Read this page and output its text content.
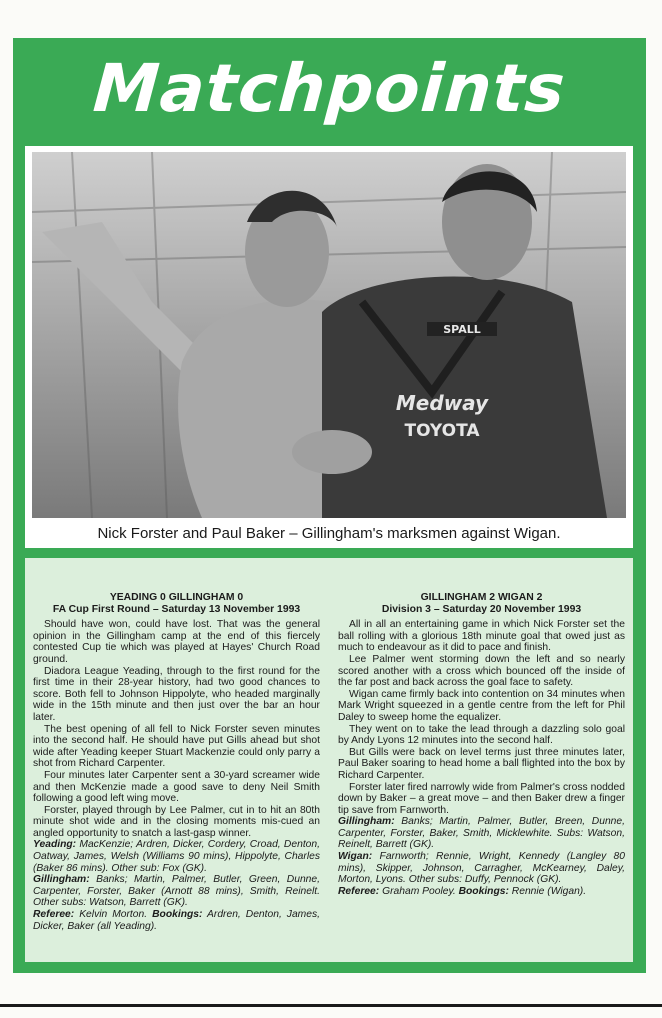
Matchpoints
SPALL
Medway
TOYOTA
Nick Forster and Paul Baker – Gillingham's marksmen against Wigan.
YEADING 0 GILLINGHAM 0
FA Cup First Round – Saturday 13 November 1993

Should have won, could have lost. That was the general opinion in the Gillingham camp at the end of this fiercely contested Cup tie which was played at Hayes' Church Road ground.

Diadora League Yeading, through to the first round for the first time in their 28-year history, had two good chances to score. Both fell to Johnson Hippolyte, who headed marginally wide in the 15th minute and then just over the bar an hour later.

The best opening of all fell to Nick Forster seven minutes into the second half. He should have put Gills ahead but shot wide after Yeading keeper Stuart Mackenzie could only parry a shot from Richard Carpenter.

Four minutes later Carpenter sent a 30-yard screamer wide and then McKenzie made a good save to deny Neil Smith following a good left wing move.

Forster, played through by Lee Palmer, cut in to hit an 80th minute shot wide and in the closing moments mis-cued an angled opportunity to snatch a last-gasp winner.

Yeading: MacKenzie; Ardren, Dicker, Cordery, Croad, Denton, Oatway, James, Welsh (Williams 90 mins), Hippolyte, Charles (Baker 86 mins). Other sub: Fox (GK).

Gillingham: Banks; Martin, Palmer, Butler, Green, Dunne, Carpenter, Forster, Baker (Arnott 88 mins), Smith, Reinelt. Other subs: Watson, Barrett (GK).

Referee: Kelvin Morton. Bookings: Ardren, Denton, James, Dicker, Baker (all Yeading).

GILLINGHAM 2 WIGAN 2
Division 3 – Saturday 20 November 1993

All in all an entertaining game in which Nick Forster set the ball rolling with a glorious 18th minute goal that owed just as much to endeavour as it did to pace and finish.

Lee Palmer went storming down the left and so nearly scored another with a cross which bounced off the inside of the far post and back across the goal face to safety.

Wigan came firmly back into contention on 34 minutes when Mark Wright squeezed in a gentle centre from the left for Phil Daley to sweep home the equalizer.

They went on to take the lead through a dazzling solo goal by Andy Lyons 12 minutes into the second half.

But Gills were back on level terms just three minutes later, Paul Baker soaring to head home a ball flighted into the box by Richard Carpenter.

Forster later fired narrowly wide from Palmer's cross nodded down by Baker – a great move – and then Baker drew a finger tip save from Farnworth.

Gillingham: Banks; Martin, Palmer, Butler, Breen, Dunne, Carpenter, Forster, Baker, Smith, Micklewhite. Subs: Watson, Reinelt, Barrett (GK).

Wigan: Farnworth; Rennie, Wright, Kennedy (Langley 80 mins), Skipper, Johnson, Carragher, McKearney, Daley, Morton, Lyons. Other subs: Duffy, Pennock (GK).

Referee: Graham Pooley. Bookings: Rennie (Wigan).
